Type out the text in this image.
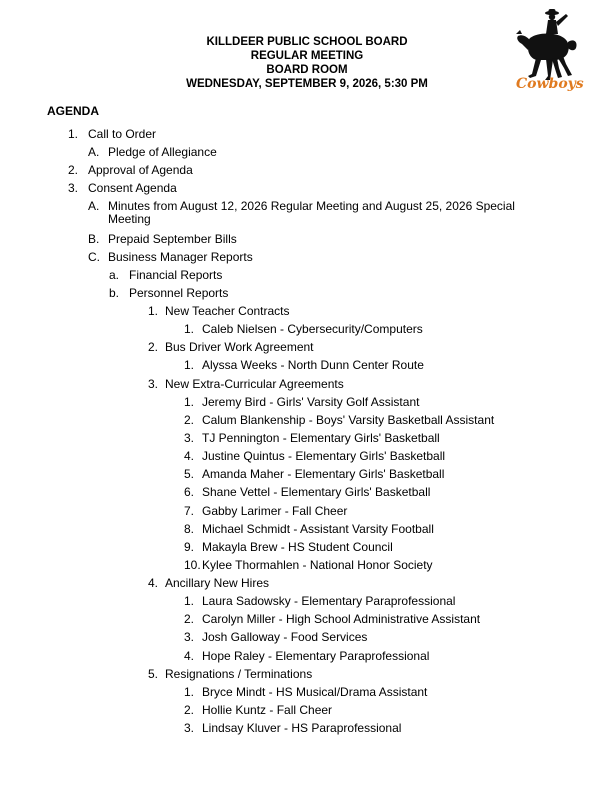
KILLDEER PUBLIC SCHOOL BOARD
REGULAR MEETING
BOARD ROOM
WEDNESDAY, SEPTEMBER 9, 2026, 5:30 PM	Cowboys
AGENDA
1. Call to Order
A. Pledge of Allegiance
2. Approval of Agenda
3. Consent Agenda
A. Minutes from August 12, 2026 Regular Meeting and August 25, 2026 Special Meeting
B. Prepaid September Bills
C. Business Manager Reports
a. Financial Reports
b. Personnel Reports
1. New Teacher Contracts
1. Caleb Nielsen - Cybersecurity/Computers
2. Bus Driver Work Agreement
1. Alyssa Weeks - North Dunn Center Route
3. New Extra-Curricular Agreements
1. Jeremy Bird - Girls' Varsity Golf Assistant
2. Calum Blankenship - Boys' Varsity Basketball Assistant
3. TJ Pennington - Elementary Girls' Basketball
4. Justine Quintus - Elementary Girls' Basketball
5. Amanda Maher - Elementary Girls' Basketball
6. Shane Vettel - Elementary Girls' Basketball
7. Gabby Larimer - Fall Cheer
8. Michael Schmidt - Assistant Varsity Football
9. Makayla Brew - HS Student Council
10. Kylee Thormahlen - National Honor Society
4. Ancillary New Hires
1. Laura Sadowsky - Elementary Paraprofessional
2. Carolyn Miller - High School Administrative Assistant
3. Josh Galloway - Food Services
4. Hope Raley - Elementary Paraprofessional
5. Resignations / Terminations
1. Bryce Mindt - HS Musical/Drama Assistant
2. Hollie Kuntz - Fall Cheer
3. Lindsay Kluver - HS Paraprofessional
